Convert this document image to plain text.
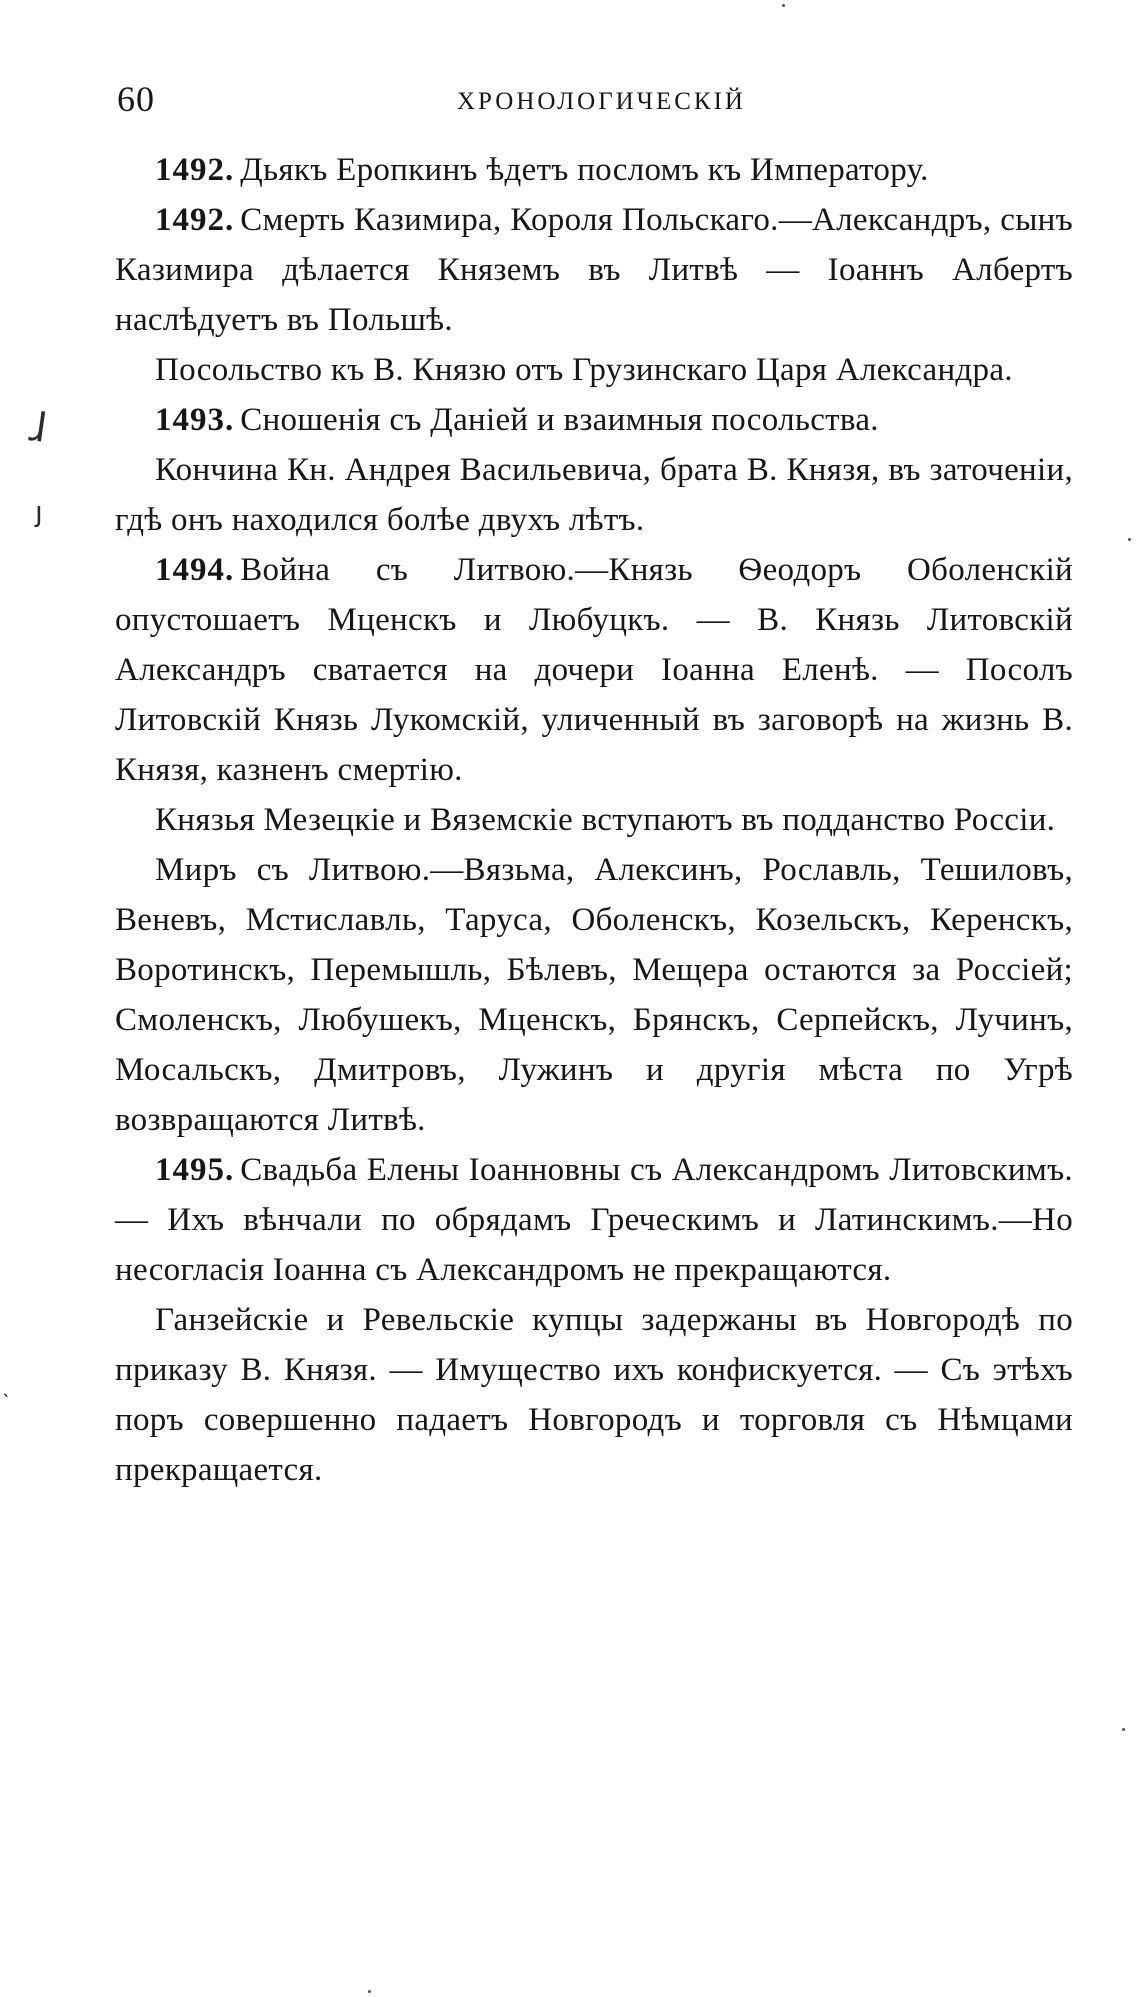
60	ХРОНОЛОГИЧЕСКІЙ
ɺ
ȷ
˴

1492. Дьякъ Еропкинъ ѣдетъ посломъ къ Императору.

1492. Смерть Казимира, Короля Польскаго.—Александръ, сынъ Казимира дѣлается Княземъ въ Литвѣ — Іоаннъ Албертъ наслѣдуетъ въ Польшѣ.

Посольство къ В. Князю отъ Грузинскаго Царя Александра.

1493. Сношенія съ Даніей и взаимныя посольства.

Кончина Кн. Андрея Васильевича, брата В. Князя, въ заточеніи, гдѣ онъ находился болѣе двухъ лѣтъ.

1494. Война съ Литвою.—Князь Ѳеодоръ Оболенскій опустошаетъ Мценскъ и Любуцкъ. — В. Князь Литовскій Александръ сватается на дочери Іоанна Еленѣ. — Посолъ Литовскій Князь Лукомскій, уличенный въ заговорѣ на жизнь В. Князя, казненъ смертію.

Князья Мезецкіе и Вяземскіе вступаютъ въ подданство Россіи.

Миръ съ Литвою.—Вязьма, Алексинъ, Рославль, Тешиловъ, Веневъ, Мстиславль, Таруса, Оболенскъ, Козельскъ, Керенскъ, Воротинскъ, Перемышль, Бѣлевъ, Мещера остаются за Россіей; Смоленскъ, Любушекъ, Мценскъ, Брянскъ, Серпейскъ, Лучинъ, Мосальскъ, Дмитровъ, Лужинъ и другія мѣста по Угрѣ возвращаются Литвѣ.

1495. Свадьба Елены Іоанновны съ Александромъ Литовскимъ. — Ихъ вѣнчали по обрядамъ Греческимъ и Латинскимъ.—Но несогласія Іоанна съ Александромъ не прекращаются.

Ганзейскіе и Ревельскіе купцы задержаны въ Новгородѣ по приказу В. Князя. — Имущество ихъ конфискуется. — Съ этѣхъ поръ совершенно падаетъ Новгородъ и торговля съ Нѣмцами прекращается.
